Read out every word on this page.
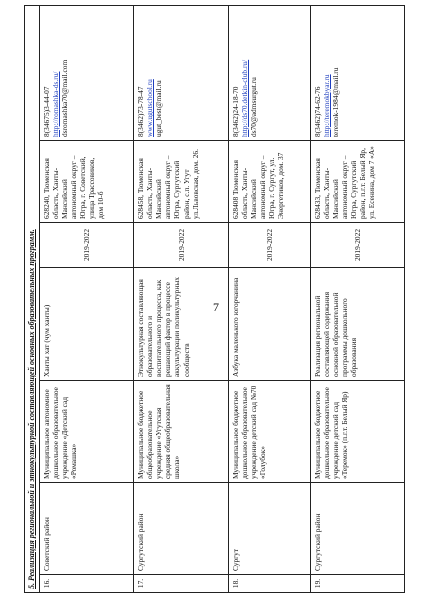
7
5. Реализация региональной и этнокультурной составляющей основных образовательных программ.						
16.	Советский район	Муниципальное автономное дошкольное образовательное учреждение «Детский сад «Ромашка»	Ханты хат (чум ханты)	2019-2022	628240, Тюменская область, Ханты-Мансийский автономный округ – Югра, г. Советский, улица Трассовиков, дом 10-б	8(34675)3-44-07 http://romashka-ds.ru/ dsromashka70@mail.com

17.	Сургутский район	Муниципальное бюджетное общеобразовательное учреждение «Угутская средняя общеобразовательная школа»	Этнокультурная составляющая образовательного и воспитательного процесса, как решающий фактор в процессе аккультурации поликультурных сообществ	2019-2022	628458, Тюменская область, Ханты-Мансийский автономный округ – Югра, Сургутский район, с.п. Угут ул.Львовская, дом. 26.	8(3462)73-78-47 www.ugutschool.ru ugut_best@mail.ru

18.	Сургут	Муниципальное бюджетное дошкольное образовательное учреждение детский сад №70 «Голубок»	Азбука маленького югорчанина	2019-2022	628408 Тюменская область, Ханты-Мансийский автономный округ – Югра, г. Сургут, ул. Энергетиков, дом. 37	8(3462)24-18-70 http://ds70.detkin-club.ru/ ds70@admsurgut.ru

19.	Сургутский район	Муниципальное бюджетное дошкольное образовательное учреждение детский сад «Теремок» (п.г.т. Белый Яр)	Реализация региональной составляющей содержания основной образовательной программы дошкольного образования	2019-2022	628433, Тюменская область, Ханты-Мансийский автономный округ – Югра, Сургутский район, п.г.т. Белый Яр, ул. Есенина, дом 7 «А»	8(3462)74-62-76 http://teremokbyar.ru teremok-1984@mail.ru
